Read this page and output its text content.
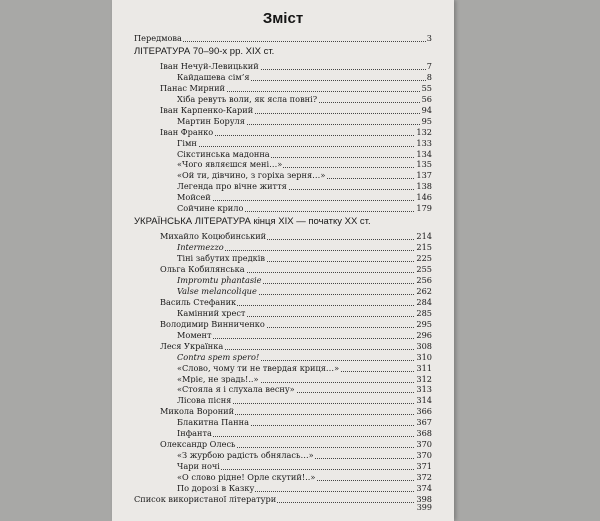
Зміст
Передмова	3
ЛІТЕРАТУРА 70–90-х рр. ХІХ ст.
Іван Нечуй-Левицький	7
Кайдашева сім’я	8
Панас Мирний	55
Хіба ревуть воли, як ясла повні?	56
Іван Карпенко-Карий	94
Мартин Боруля	95
Іван Франко	132
Гімн	133
Сікстинська мадонна	134
«Чого являєшся мені…»	135
«Ой ти, дівчино, з горіха зерня…»	137
Легенда про вічне життя	138
Мойсей	146
Сойчине крило	179
УКРАЇНСЬКА ЛІТЕРАТУРА кінця ХІХ — початку ХХ ст.
Михайло Коцюбинський	214
Intermezzo	215
Тіні забутих предків	225
Ольга Кобилянська	255
Impromtu phantasie	256
Valse melancolique	262
Василь Стефаник	284
Камінний хрест	285
Володимир Винниченко	295
Момент	296
Леся Українка	308
Contra spem spero!	310
«Слово, чому ти не твердая криця…»	311
«Мріє, не зрадь!..»	312
«Стояла я і слухала весну»	313
Лісова пісня	314
Микола Вороний	366
Блакитна Панна	367
Інфанта	368
Олександр Олесь	370
«З журбою радість обнялась…»	370
Чари ночі	371
«О слово рідне! Орле скутий!..»	372
По дорозі в Казку	374
Список використаної літератури	398
399
